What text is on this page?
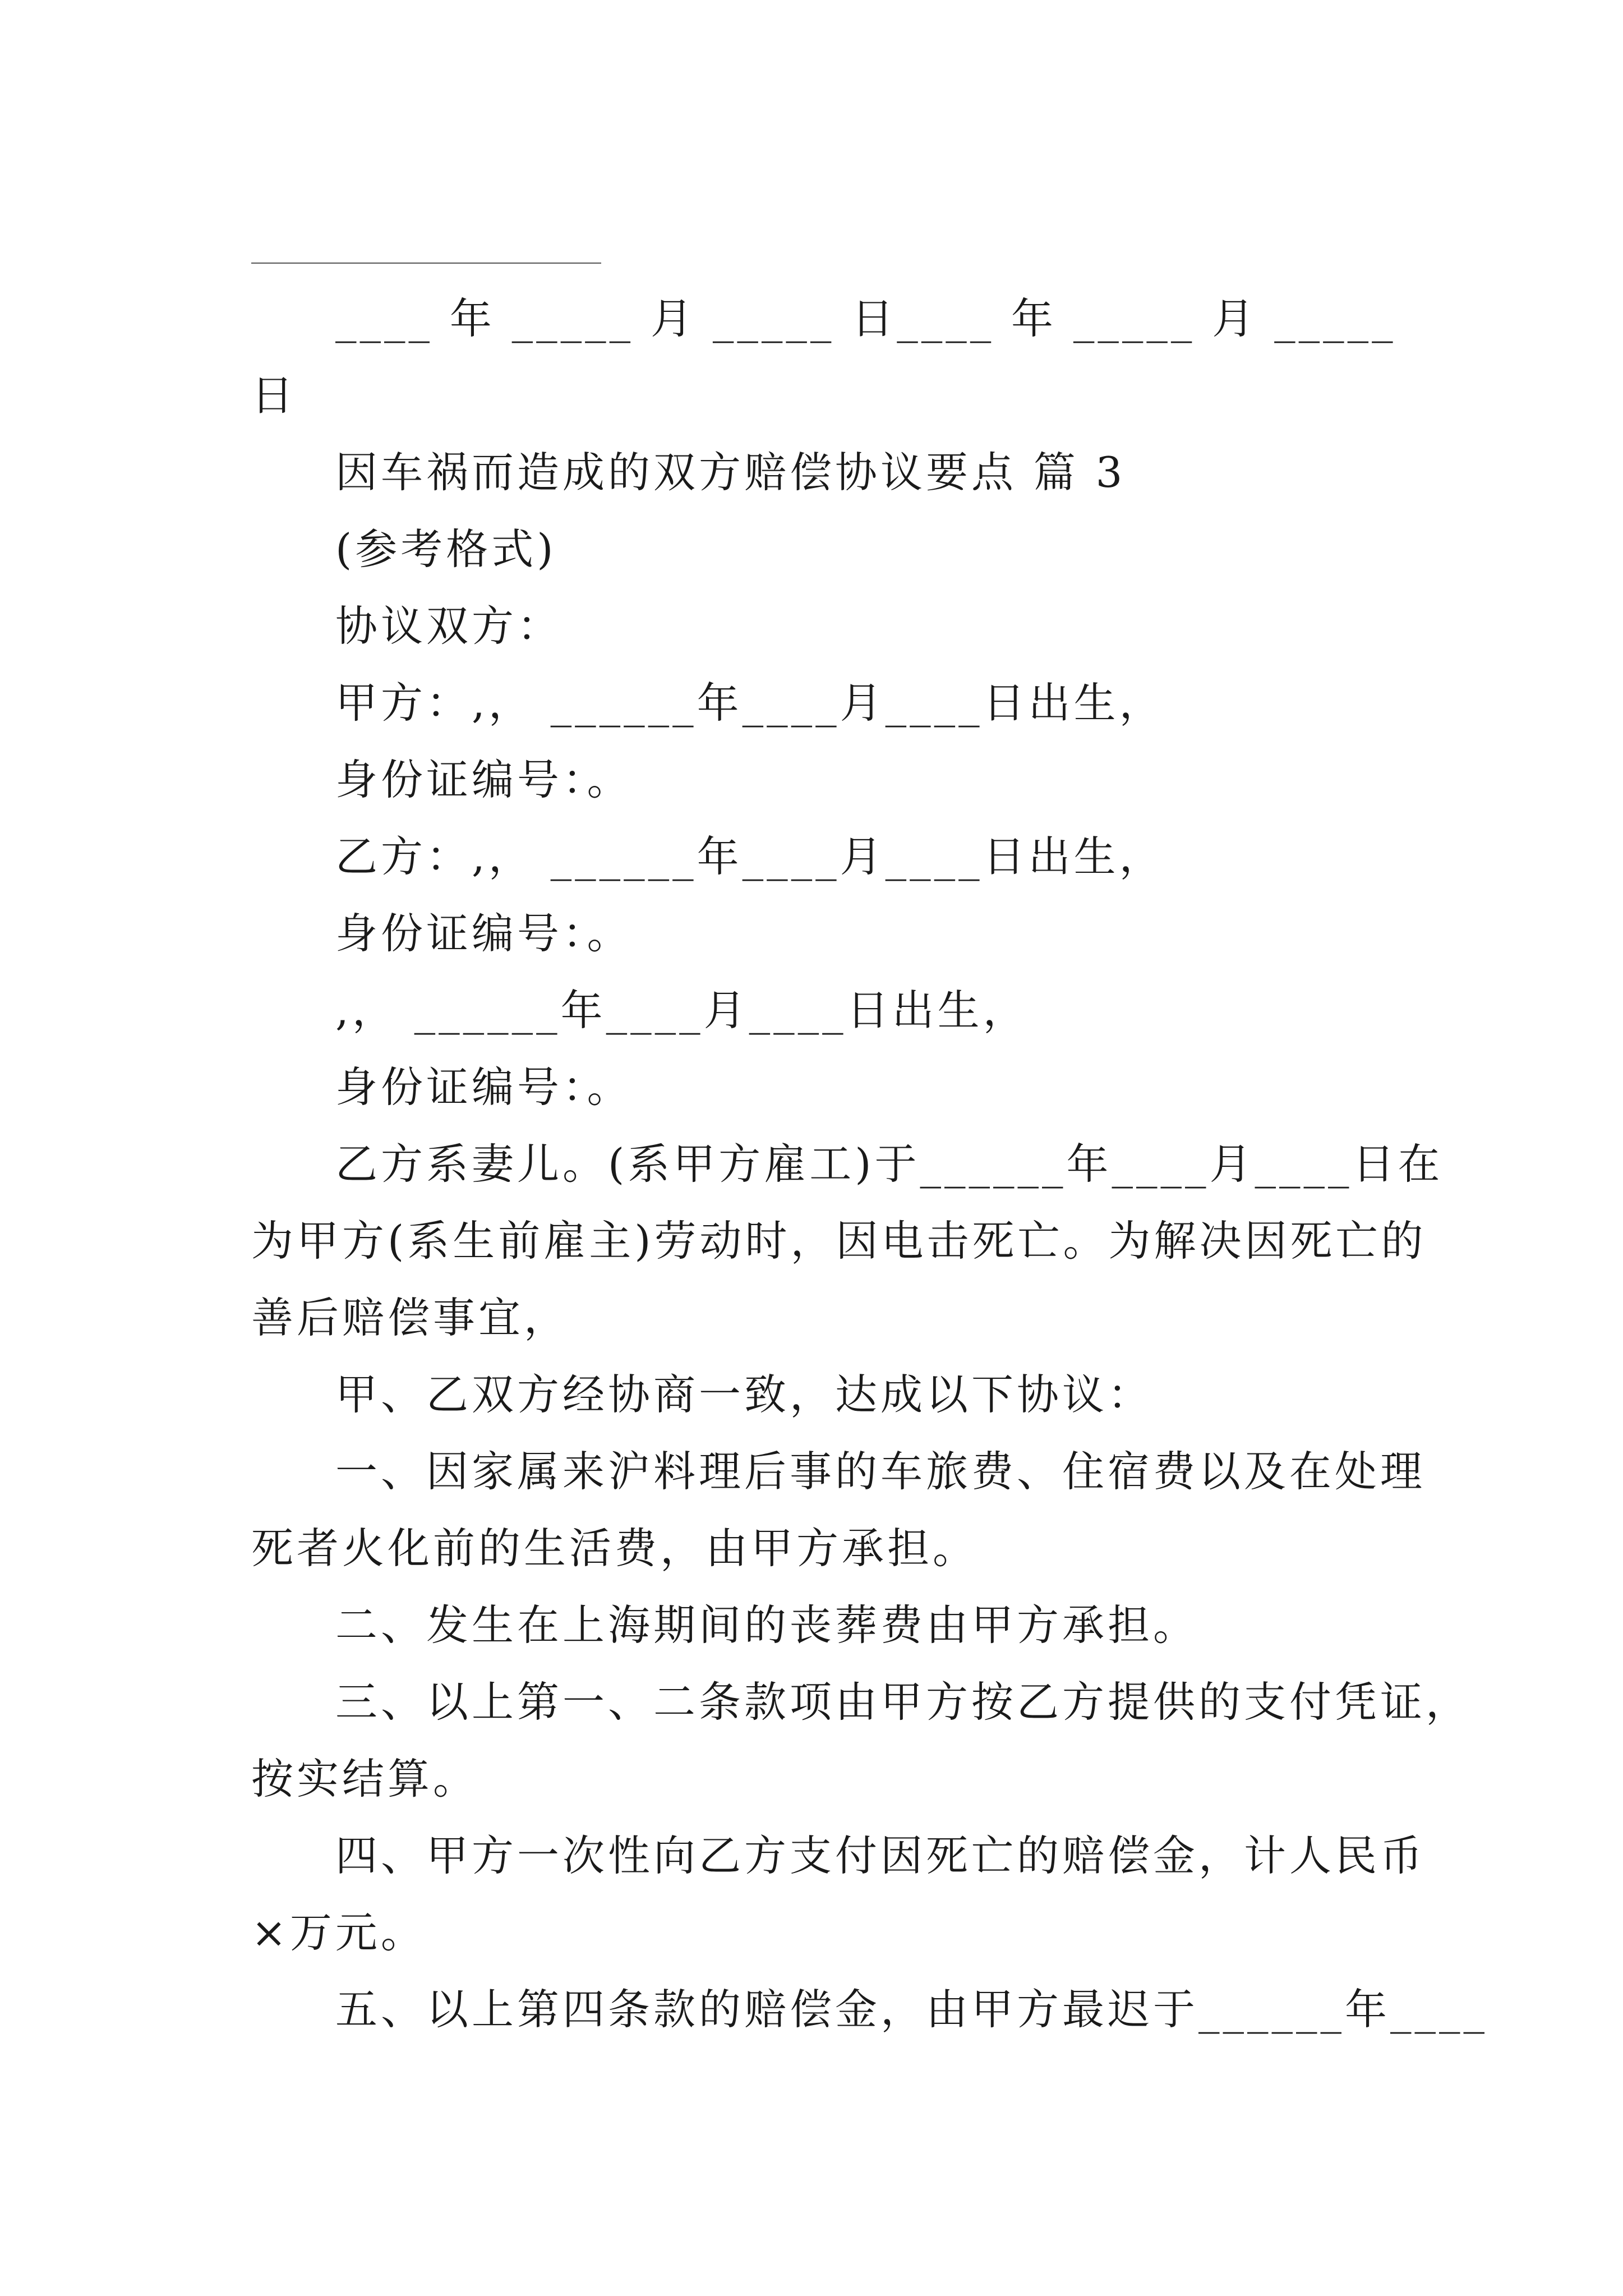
____ 年 _____ 月 _____ 日____ 年 _____ 月 _____

日

因车祸而造成的双方赔偿协议要点 篇 3

(参考格式)

协议双方：

甲方：,， ______年____月____日出生，

身份证编号：。

乙方：,， ______年____月____日出生，

身份证编号：。

,， ______年____月____日出生，

身份证编号：。

乙方系妻儿。(系甲方雇工)于______年____月____日在

为甲方(系生前雇主)劳动时，因电击死亡。为解决因死亡的

善后赔偿事宜，

甲、乙双方经协商一致，达成以下协议：

一、因家属来沪料理后事的车旅费、住宿费以及在处理

死者火化前的生活费，由甲方承担。

二、发生在上海期间的丧葬费由甲方承担。

三、以上第一、二条款项由甲方按乙方提供的支付凭证，

按实结算。

四、甲方一次性向乙方支付因死亡的赔偿金，计人民币

×万元。

五、以上第四条款的赔偿金，由甲方最迟于______年____
